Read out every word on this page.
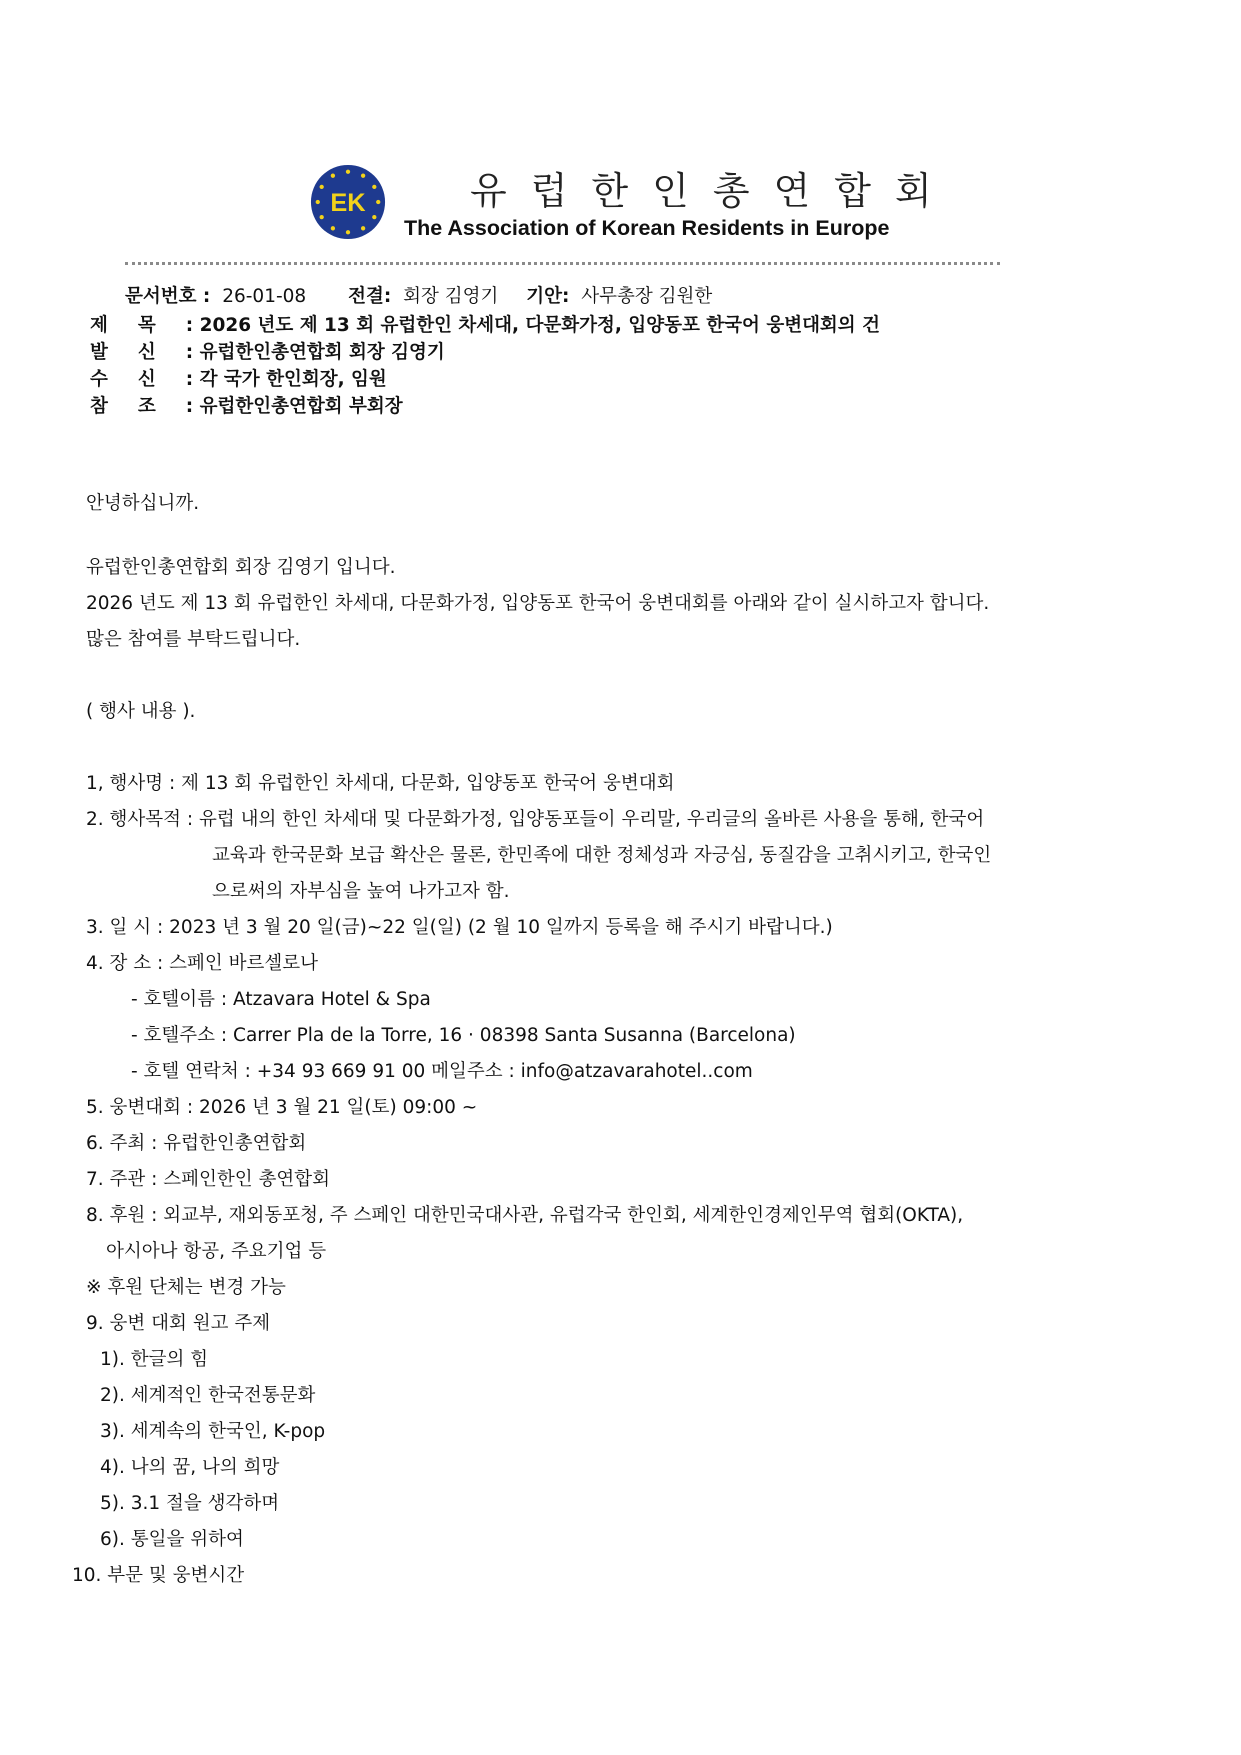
EK	유럽한인총연합회
The Association of Korean Residents in Europe
문서번호 : 26-01-08 전결: 회장 김영기 기안: 사무총장 김원한
제목: 2026 년도 제 13 회 유럽한인 차세대, 다문화가정, 입양동포 한국어 웅변대회의 건
발신: 유럽한인총연합회 회장 김영기
수신: 각 국가 한인회장, 임원
참조: 유럽한인총연합회 부회장
안녕하십니까.
유럽한인총연합회 회장 김영기 입니다.
2026 년도 제 13 회 유럽한인 차세대, 다문화가정, 입양동포 한국어 웅변대회를 아래와 같이 실시하고자 합니다.
많은 참여를 부탁드립니다.
( 행사 내용 ).
1, 행사명 : 제 13 회 유럽한인 차세대, 다문화, 입양동포 한국어 웅변대회
2. 행사목적 : 유럽 내의 한인 차세대 및 다문화가정, 입양동포들이 우리말, 우리글의 올바른 사용을 통해, 한국어
교육과 한국문화 보급 확산은 물론, 한민족에 대한 정체성과 자긍심, 동질감을 고취시키고, 한국인
으로써의 자부심을 높여 나가고자 함.
3. 일 시 : 2023 년 3 월 20 일(금)~22 일(일) (2 월 10 일까지 등록을 해 주시기 바랍니다.)
4. 장 소 : 스페인 바르셀로나
- 호텔이름 : Atzavara Hotel & Spa
- 호텔주소 : Carrer Pla de la Torre, 16 · 08398 Santa Susanna (Barcelona)
- 호텔 연락처 : +34 93 669 91 00 메일주소 : info@atzavarahotel..com
5. 웅변대회 : 2026 년 3 월 21 일(토) 09:00 ~
6. 주최 : 유럽한인총연합회
7. 주관 : 스페인한인 총연합회
8. 후원 : 외교부, 재외동포청, 주 스페인 대한민국대사관, 유럽각국 한인회, 세계한인경제인무역 협회(OKTA),
아시아나 항공, 주요기업 등
※ 후원 단체는 변경 가능
9. 웅변 대회 원고 주제
1). 한글의 힘
2). 세계적인 한국전통문화
3). 세계속의 한국인, K-pop
4). 나의 꿈, 나의 희망
5). 3.1 절을 생각하며
6). 통일을 위하여
10. 부문 및 웅변시간
